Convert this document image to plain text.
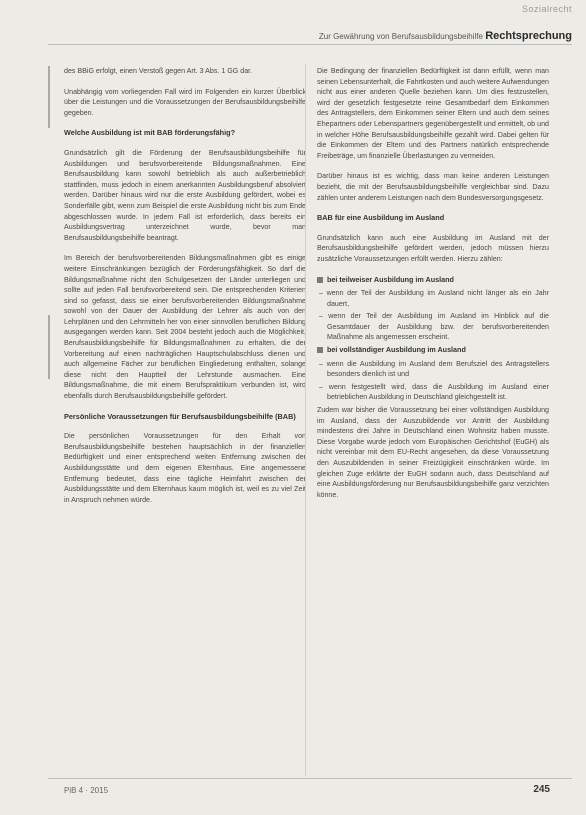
Sozialrecht
Zur Gewährung von Berufsausbildungsbeihilfe Rechtsprechung

des BBiG erfolgt, einen Verstoß gegen Art. 3 Abs. 1 GG dar.

Unabhängig vom vorliegenden Fall wird im Folgenden ein kurzer Überblick über die Leistungen und die Voraussetzungen der Berufsausbildungsbeihilfe gegeben.

Welche Ausbildung ist mit BAB förderungsfähig?

Grundsätzlich gilt die Förderung der Berufsausbildungsbeihilfe für Ausbildungen und berufsvorbereitende Bildungsmaßnahmen. Eine Berufsausbildung kann sowohl betrieblich als auch außerbetrieblich stattfinden, muss jedoch in einem anerkannten Ausbildungsberuf absolviert werden. Darüber hinaus wird nur die erste Ausbildung gefördert, wobei es Sonderfälle gibt, wenn zum Beispiel die erste Ausbildung nicht bis zum Ende abgeschlossen wurde. In jedem Fall ist erforderlich, dass bereits ein Ausbildungsvertrag unterzeichnet wurde, bevor man Berufsausbildungsbeihilfe beantragt.

Im Bereich der berufsvorbereitenden Bildungsmaßnahmen gibt es einige weitere Einschränkungen bezüglich der Förderungsfähigkeit. So darf die Bildungsmaßnahme nicht den Schulgesetzen der Länder unterliegen und sollte auf jeden Fall berufsvorbereitend sein. Die entsprechenden Kriterien sind so gefasst, dass sie einer berufsvorbereitenden Bildungsmaßnahme sowohl von der Dauer der Ausbildung der Lehrer als auch von den Lehrplänen und den Lehrmitteln her von einer sinnvollen beruflichen Bildung ausgegangen werden kann. Seit 2004 besteht jedoch auch die Möglichkeit, Berufsausbildungsbeihilfe für Bildungsmaßnahmen zu erhalten, die der Vorbereitung auf einen nachträglichen Hauptschulabschluss dienen und auch allgemeine Fächer zur beruflichen Eingliederung enthalten, solange diese nicht den Hauptteil der Lehrstunde ausmachen. Eine Bildungsmaßnahme, die mit einem Berufspraktikum verbunden ist, wird ebenfalls durch Berufsausbildungsbeihilfe gefördert.

Persönliche Voraussetzungen für Berufsausbildungsbeihilfe (BAB)

Die persönlichen Voraussetzungen für den Erhalt von Berufsausbildungsbeihilfe bestehen hauptsächlich in der finanziellen Bedürftigkeit und einer entsprechend weiten Entfernung zwischen der Ausbildungsstätte und dem eigenen Elternhaus. Eine angemessene Entfernung bedeutet, dass eine tägliche Heimfahrt zwischen der Ausbildungsstätte und dem Elternhaus kaum möglich ist, weil es zu viel Zeit in Anspruch nehmen würde.

Die Bedingung der finanziellen Bedürftigkeit ist dann erfüllt, wenn man seinen Lebensunterhalt, die Fahrtkosten und auch weitere Aufwendungen nicht aus einer anderen Quelle beziehen kann. Um dies festzustellen, wird der gesetzlich festgesetzte reine Gesamtbedarf dem Einkommen des Antragstellers, dem Einkommen seiner Eltern und auch dem seines Ehepartners oder Lebenspartners gegenübergestellt und ermittelt, ob und in welcher Höhe Berufsausbildungsbeihilfe gezahlt wird. Dabei gelten für die Einkommen der Eltern und des Partners natürlich entsprechende Freibeträge, um finanzielle Überlastungen zu vermeiden.

Darüber hinaus ist es wichtig, dass man keine anderen Leistungen bezieht, die mit der Berufsausbildungsbeihilfe vergleichbar sind. Dazu zählen unter anderem Leistungen nach dem Bundesversorgungsgesetz.

BAB für eine Ausbildung im Ausland

Grundsätzlich kann auch eine Ausbildung im Ausland mit der Berufsausbildungsbeihilfe gefördert werden, jedoch müssen hierzu zusätzliche Voraussetzungen erfüllt werden. Hierzu zählen:

bei teilweiser Ausbildung im Ausland
– wenn der Teil der Ausbildung im Ausland nicht länger als ein Jahr dauert,
– wenn der Teil der Ausbildung im Ausland im Hinblick auf die Gesamtdauer der Ausbildung bzw. der berufsvorbereitenden Maßnahme als angemessen erscheint.
bei vollständiger Ausbildung im Ausland
– wenn die Ausbildung im Ausland dem Berufsziel des Antragstellers besonders dienlich ist und
– wenn festgestellt wird, dass die Ausbildung im Ausland einer betrieblichen Ausbildung in Deutschland gleichgestellt ist.

Zudem war bisher die Voraussetzung bei einer vollständigen Ausbildung im Ausland, dass der Auszubildende vor Antritt der Ausbildung mindestens drei Jahre in Deutschland einen Wohnsitz haben musste. Diese Vorgabe wurde jedoch vom Europäischen Gerichtshof (EuGH) als nicht vereinbar mit dem EU-Recht angesehen, da diese Voraussetzung den Auszubildenden in seiner Freizügigkeit einschränken würde. Im gleichen Zuge erklärte der EuGH sodann auch, dass Deutschland auf eine Ausbildungsförderung nur Berufsausbildungsbeihilfe ganz verzichten könne.

PiB 4 · 2015	245
